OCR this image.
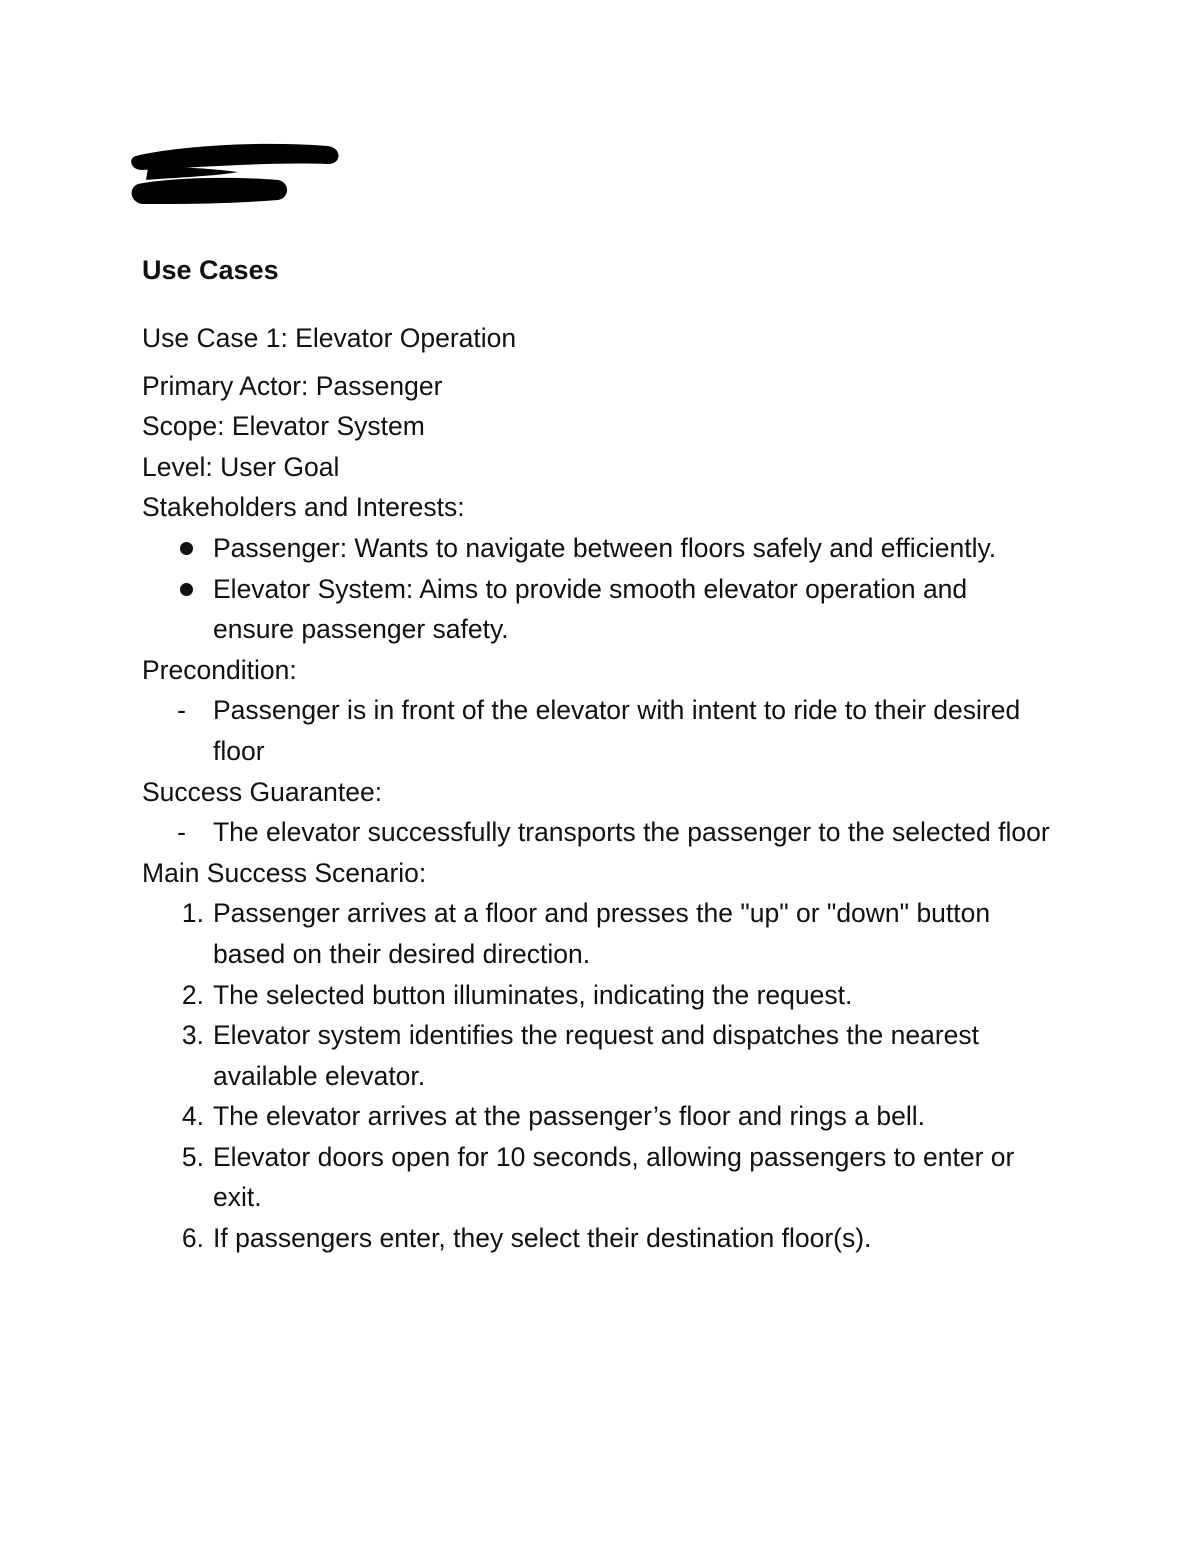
Use Cases

Use Case 1: Elevator Operation

Primary Actor: Passenger

Scope: Elevator System

Level: User Goal

Stakeholders and Interests:

Passenger: Wants to navigate between floors safely and efficiently.
Elevator System: Aims to provide smooth elevator operation and ensure passenger safety.

Precondition:

- Passenger is in front of the elevator with intent to ride to their desired floor

Success Guarantee:

- The elevator successfully transports the passenger to the selected floor

Main Success Scenario:

1. Passenger arrives at a floor and presses the "up" or "down" button based on their desired direction.
2. The selected button illuminates, indicating the request.
3. Elevator system identifies the request and dispatches the nearest available elevator.
4. The elevator arrives at the passenger’s floor and rings a bell.
5. Elevator doors open for 10 seconds, allowing passengers to enter or exit.
6. If passengers enter, they select their destination floor(s).
